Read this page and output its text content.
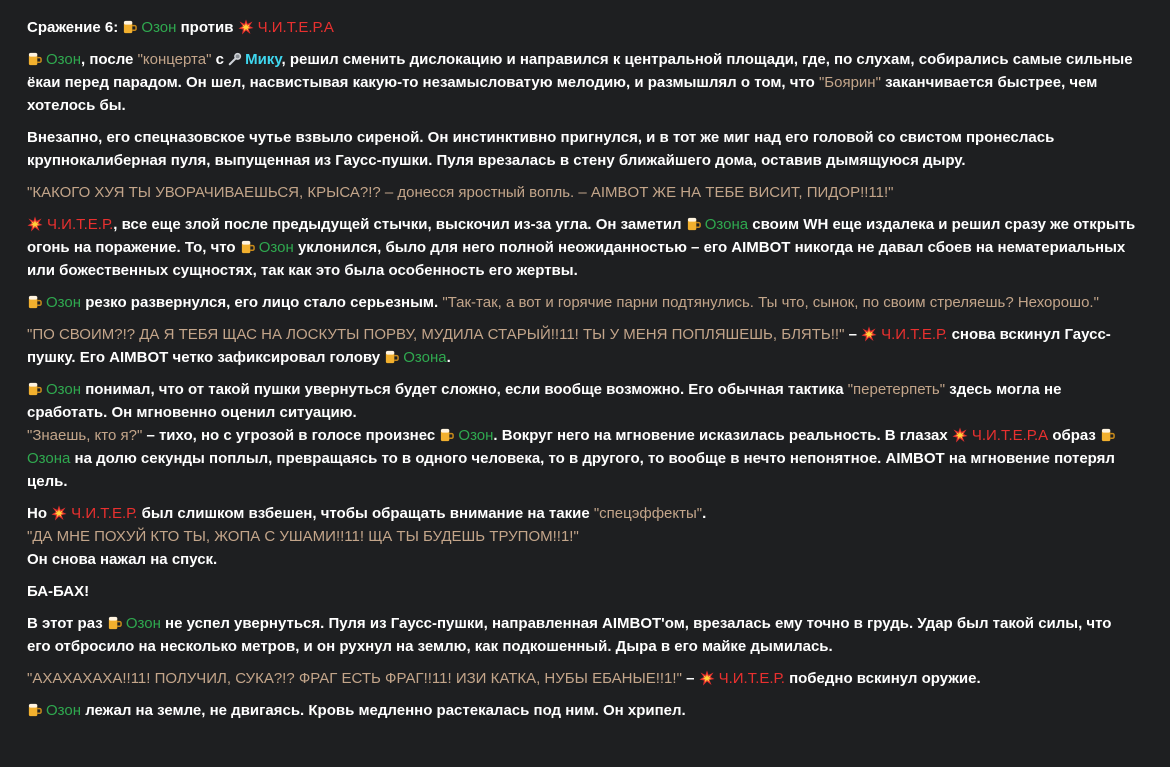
Сражение 6: Озон против Ч.И.Т.Е.Р.А

Озон, после "концерта" с Мику, решил сменить дислокацию и направился к центральной площади, где, по слухам, собирались самые сильные ёкаи перед парадом. Он шел, насвистывая какую-то незамысловатую мелодию, и размышлял о том, что "Боярин" заканчивается быстрее, чем хотелось бы.

Внезапно, его спецназовское чутье взвыло сиреной. Он инстинктивно пригнулся, и в тот же миг над его головой со свистом пронеслась крупнокалиберная пуля, выпущенная из Гаусс-пушки. Пуля врезалась в стену ближайшего дома, оставив дымящуюся дыру.

"КАКОГО ХУЯ ТЫ УВОРАЧИВАЕШЬСЯ, КРЫСА?!? – донесся яростный вопль. – AIMBOT ЖЕ НА ТЕБЕ ВИСИТ, ПИДОР!!11!"

Ч.И.Т.Е.Р., все еще злой после предыдущей стычки, выскочил из-за угла. Он заметил Озона своим WH еще издалека и решил сразу же открыть огонь на поражение. То, что Озон уклонился, было для него полной неожиданностью – его AIMBOT никогда не давал сбоев на нематериальных или божественных сущностях, так как это была особенность его жертвы.

Озон резко развернулся, его лицо стало серьезным. "Так-так, а вот и горячие парни подтянулись. Ты что, сынок, по своим стреляешь? Нехорошо."

"ПО СВОИМ?!? ДА Я ТЕБЯ ЩАС НА ЛОСКУТЫ ПОРВУ, МУДИЛА СТАРЫЙ!!11! ТЫ У МЕНЯ ПОПЛЯШЕШЬ, БЛЯТЬ!!" – Ч.И.Т.Е.Р. снова вскинул Гаусс-пушку. Его AIMBOT четко зафиксировал голову Озона.

Озон понимал, что от такой пушки увернуться будет сложно, если вообще возможно. Его обычная тактика "перетерпеть" здесь могла не сработать. Он мгновенно оценил ситуацию.

"Знаешь, кто я?" – тихо, но с угрозой в голосе произнес Озон. Вокруг него на мгновение исказилась реальность. В глазах Ч.И.Т.Е.Р.А образ Озона на долю секунды поплыл, превращаясь то в одного человека, то в другого, то вообще в нечто непонятное. AIMBOT на мгновение потерял цель.

Но Ч.И.Т.Е.Р. был слишком взбешен, чтобы обращать внимание на такие "спецэффекты".
"ДА МНЕ ПОХУЙ КТО ТЫ, ЖОПА С УШАМИ!!11! ЩА ТЫ БУДЕШЬ ТРУПОМ!!1!"
Он снова нажал на спуск.

БА-БАХ!

В этот раз Озон не успел увернуться. Пуля из Гаусс-пушки, направленная AIMBOT'ом, врезалась ему точно в грудь. Удар был такой силы, что его отбросило на несколько метров, и он рухнул на землю, как подкошенный. Дыра в его майке дымилась.

"АХАХАХАХА!!11! ПОЛУЧИЛ, СУКА?!? ФРАГ ЕСТЬ ФРАГ!!11! ИЗИ КАТКА, НУБЫ ЕБАНЫЕ!!1!" – Ч.И.Т.Е.Р. победно вскинул оружие.

Озон лежал на земле, не двигаясь. Кровь медленно растекалась под ним. Он хрипел.
